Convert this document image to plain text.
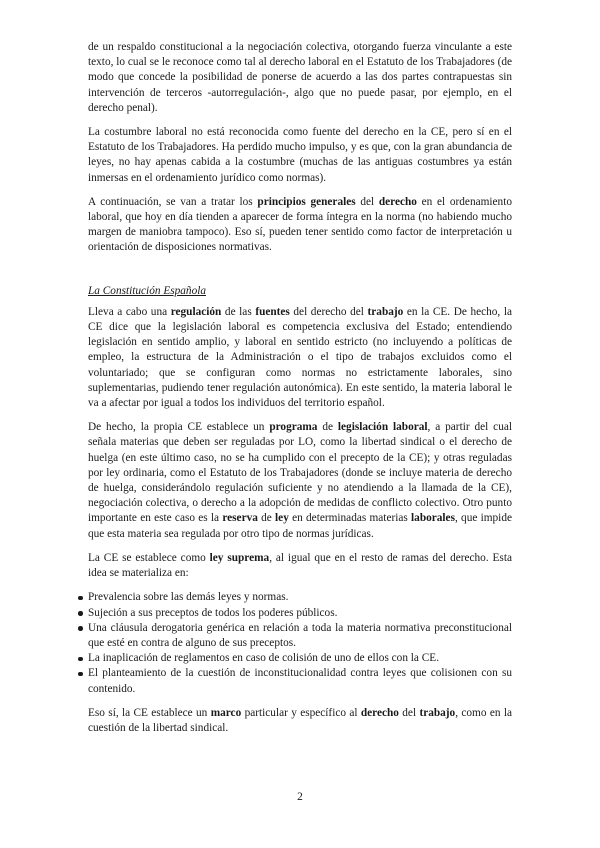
de un respaldo constitucional a la negociación colectiva, otorgando fuerza vinculante a este texto, lo cual se le reconoce como tal al derecho laboral en el Estatuto de los Trabajadores (de modo que concede la posibilidad de ponerse de acuerdo a las dos partes contrapuestas sin intervención de terceros -autorregulación-, algo que no puede pasar, por ejemplo, en el derecho penal).

La costumbre laboral no está reconocida como fuente del derecho en la CE, pero sí en el Estatuto de los Trabajadores. Ha perdido mucho impulso, y es que, con la gran abundancia de leyes, no hay apenas cabida a la costumbre (muchas de las antiguas costumbres ya están inmersas en el ordenamiento jurídico como normas).

A continuación, se van a tratar los principios generales del derecho en el ordenamiento laboral, que hoy en día tienden a aparecer de forma íntegra en la norma (no habiendo mucho margen de maniobra tampoco). Eso sí, pueden tener sentido como factor de interpretación u orientación de disposiciones normativas.

La Constitución Española

Lleva a cabo una regulación de las fuentes del derecho del trabajo en la CE. De hecho, la CE dice que la legislación laboral es competencia exclusiva del Estado; entendiendo legislación en sentido amplio, y laboral en sentido estricto (no incluyendo a políticas de empleo, la estructura de la Administración o el tipo de trabajos excluidos como el voluntariado; que se configuran como normas no estrictamente laborales, sino suplementarias, pudiendo tener regulación autonómica). En este sentido, la materia laboral le va a afectar por igual a todos los individuos del territorio español.

De hecho, la propia CE establece un programa de legislación laboral, a partir del cual señala materias que deben ser reguladas por LO, como la libertad sindical o el derecho de huelga (en este último caso, no se ha cumplido con el precepto de la CE); y otras reguladas por ley ordinaria, como el Estatuto de los Trabajadores (donde se incluye materia de derecho de huelga, considerándolo regulación suficiente y no atendiendo a la llamada de la CE), negociación colectiva, o derecho a la adopción de medidas de conflicto colectivo. Otro punto importante en este caso es la reserva de ley en determinadas materias laborales, que impide que esta materia sea regulada por otro tipo de normas jurídicas.

La CE se establece como ley suprema, al igual que en el resto de ramas del derecho. Esta idea se materializa en:

Prevalencia sobre las demás leyes y normas.
Sujeción a sus preceptos de todos los poderes públicos.
Una cláusula derogatoria genérica en relación a toda la materia normativa preconstitucional que esté en contra de alguno de sus preceptos.
La inaplicación de reglamentos en caso de colisión de uno de ellos con la CE.
El planteamiento de la cuestión de inconstitucionalidad contra leyes que colisionen con su contenido.

Eso sí, la CE establece un marco particular y específico al derecho del trabajo, como en la cuestión de la libertad sindical.

2
